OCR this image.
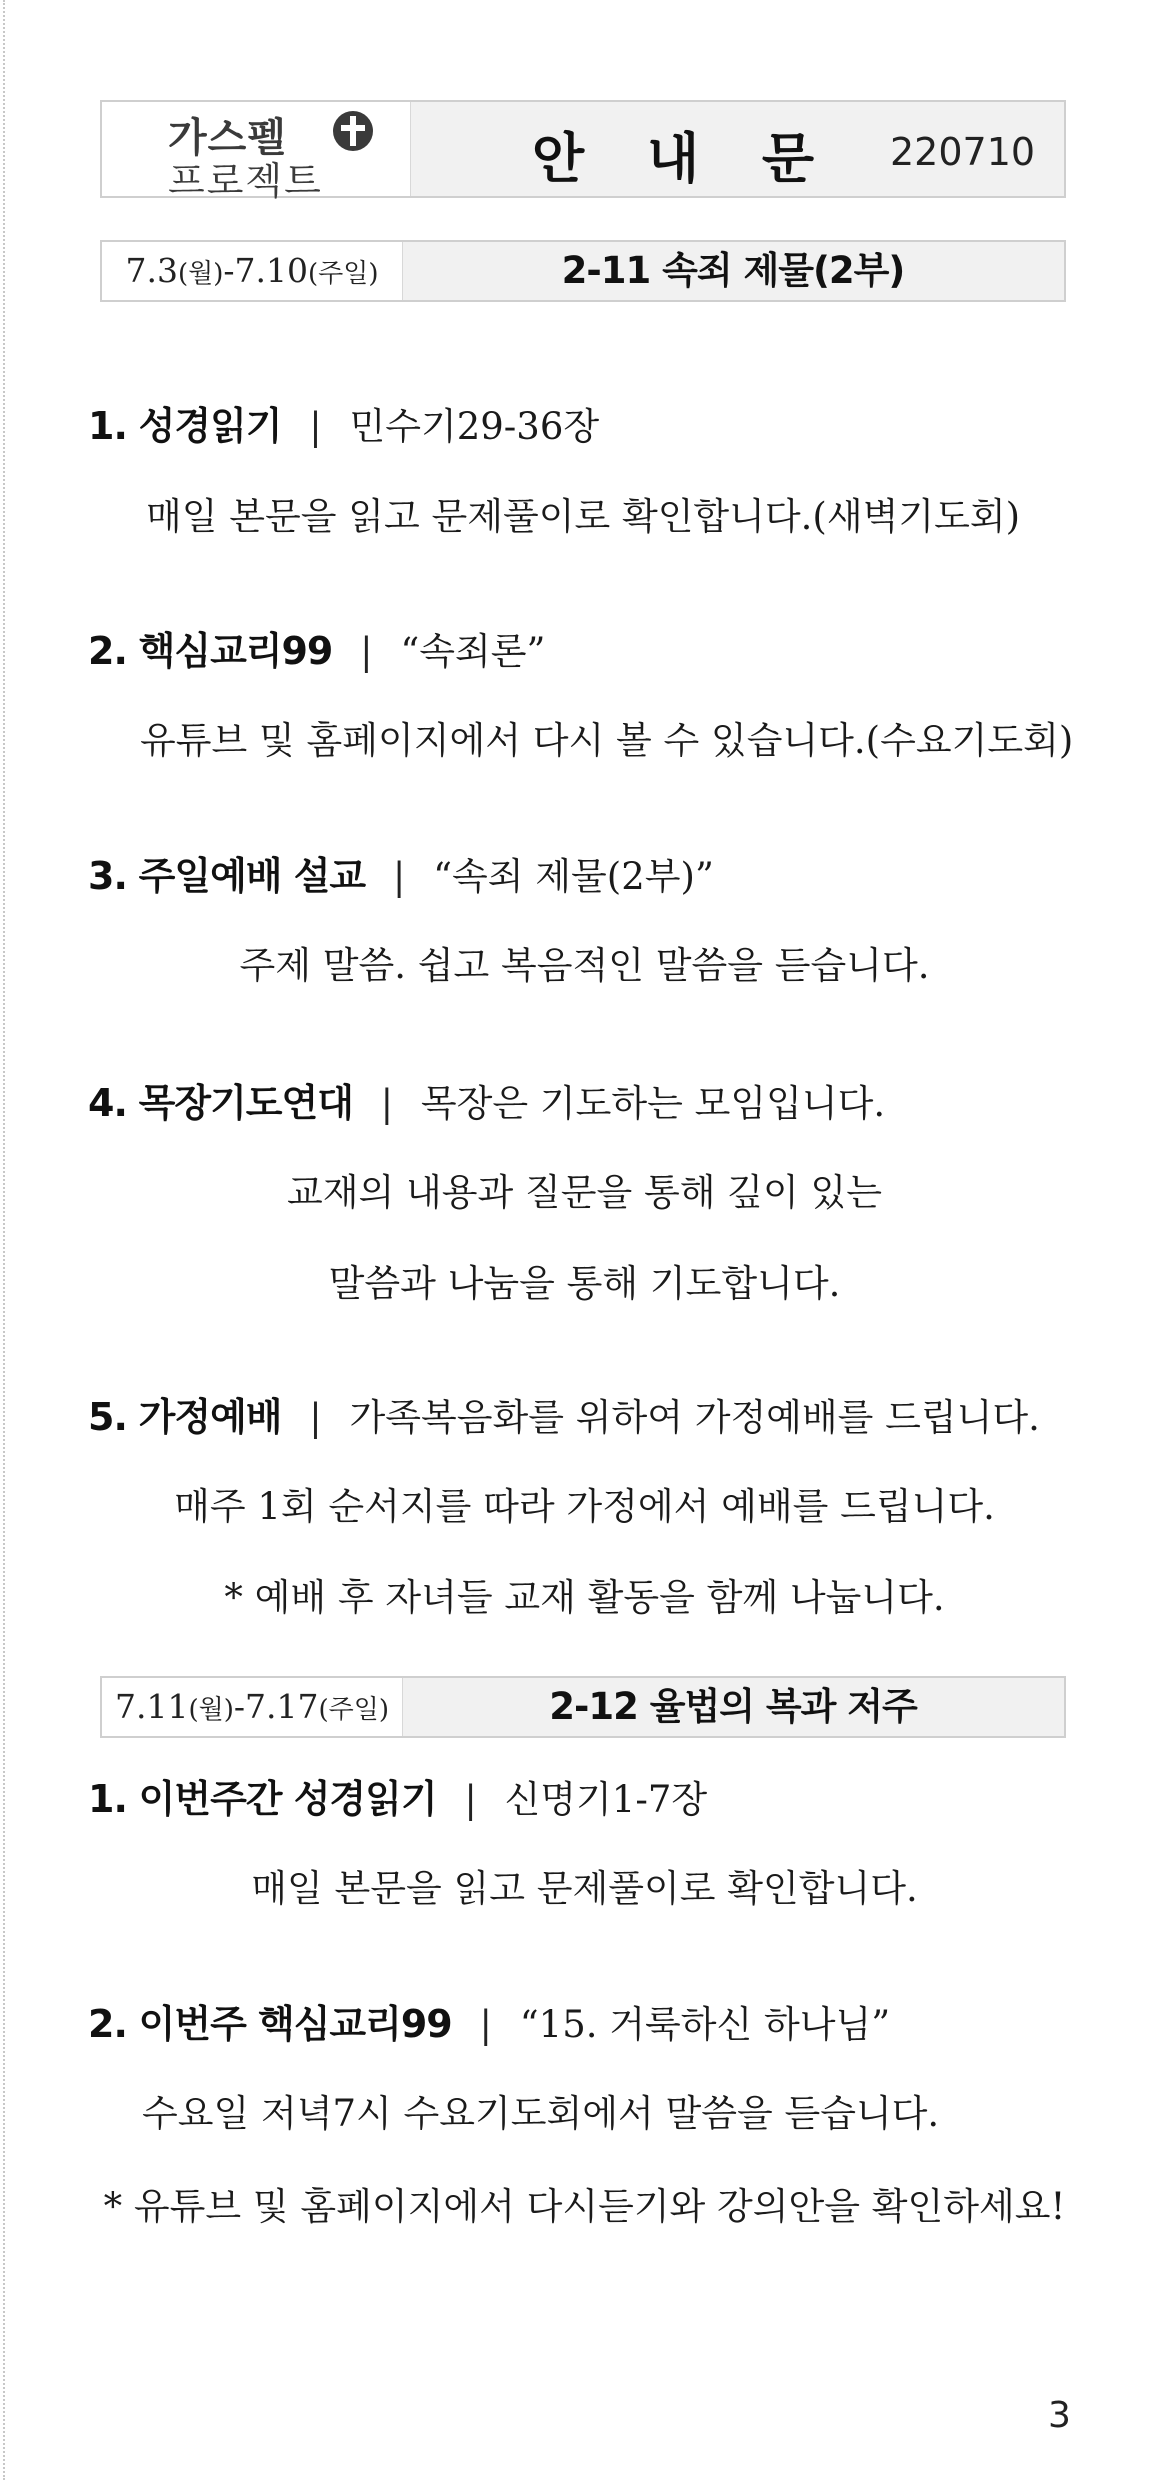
가스펠
프로젝트	안 내 문 220710
7.3(월)-7.10(주일)	2-11 속죄 제물(2부)
1. 성경읽기 | 민수기29-36장
매일 본문을 읽고 문제풀이로 확인합니다.(새벽기도회)
2. 핵심교리99 | “속죄론”
유튜브 및 홈페이지에서 다시 볼 수 있습니다.(수요기도회)
3. 주일예배 설교 | “속죄 제물(2부)”
주제 말씀. 쉽고 복음적인 말씀을 듣습니다.
4. 목장기도연대 | 목장은 기도하는 모임입니다.
교재의 내용과 질문을 통해 깊이 있는
말씀과 나눔을 통해 기도합니다.
5. 가정예배 | 가족복음화를 위하여 가정예배를 드립니다.
매주 1회 순서지를 따라 가정에서 예배를 드립니다.
* 예배 후 자녀들 교재 활동을 함께 나눕니다.
7.11(월)-7.17(주일)	2-12 율법의 복과 저주
1. 이번주간 성경읽기 | 신명기1-7장
매일 본문을 읽고 문제풀이로 확인합니다.
2. 이번주 핵심교리99 | “15. 거룩하신 하나님”
수요일 저녁7시 수요기도회에서 말씀을 듣습니다.
* 유튜브 및 홈페이지에서 다시듣기와 강의안을 확인하세요!
3
